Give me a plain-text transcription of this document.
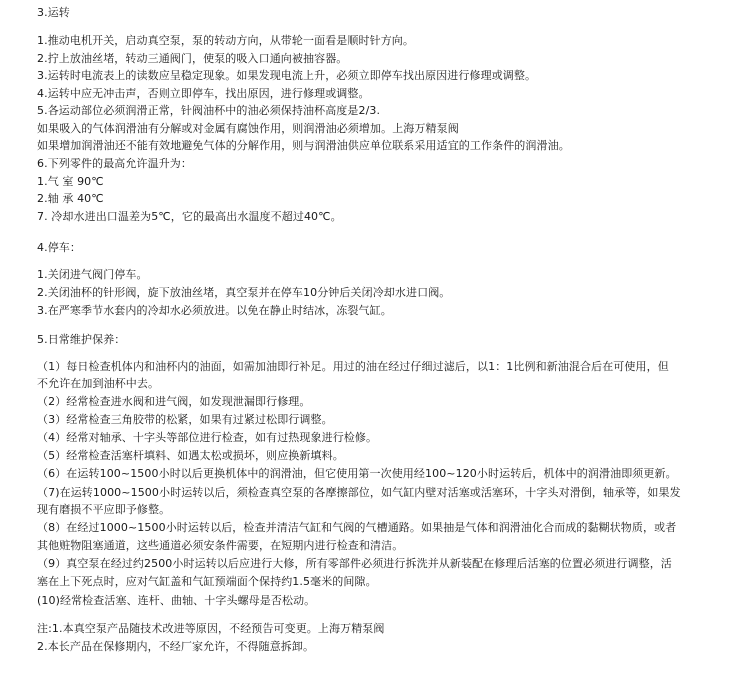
3.运转
1.推动电机开关，启动真空泵，泵的转动方向，从带轮一面看是顺时针方向。
2.拧上放油丝堵，转动三通阀门，使泵的吸入口通向被抽容器。
3.运转时电流表上的读数应呈稳定现象。如果发现电流上升，必须立即停车找出原因进行修理或调整。
4.运转中应无冲击声，否则立即停车，找出原因，进行修理或调整。
5.各运动部位必须润滑正常，针阀油杯中的油必须保持油杯高度是2/3.
如果吸入的气体润滑油有分解或对金属有腐蚀作用，则润滑油必须增加。上海万精泵阀
如果增加润滑油还不能有效地避免气体的分解作用，则与润滑油供应单位联系采用适宜的工作条件的润滑油。
6.下列零件的最高允许温升为：
1.气 室 90℃
2.轴 承 40℃
7. 冷却水进出口温差为5℃，它的最高出水温度不超过40℃。
4.停车：
1.关闭进气阀门停车。
2.关闭油杯的针形阀，旋下放油丝堵，真空泵并在停车10分钟后关闭冷却水进口阀。
3.在严寒季节水套内的冷却水必须放进。以免在静止时结冰，冻裂气缸。
5.日常维护保养：
（1）每日检查机体内和油杯内的油面，如需加油即行补足。用过的油在经过仔细过滤后，以1：1比例和新油混合后在可使用，但
不允许在加到油杯中去。
（2）经常检查进水阀和进气阀，如发现泄漏即行修理。
（3）经常检查三角胶带的松紧，如果有过紧过松即行调整。
（4）经常对轴承、十字头等部位进行检查，如有过热现象进行检修。
（5）经常检查活塞杆填料、如遇太松或损坏，则应换新填料。
（6）在运转100~1500小时以后更换机体中的润滑油，但它使用第一次使用经100~120小时运转后，机体中的润滑油即须更新。
（7)在运转1000~1500小时运转以后，须检查真空泵的各摩擦部位，如气缸内壁对活塞或活塞环，十字头对滑倒，轴承等，如果发
现有磨损不平应即予修整。
（8）在经过1000~1500小时运转以后，检查并清洁气缸和气阀的气槽通路。如果抽是气体和润滑油化合而成的黏糊状物质，或者
其他赃物阻塞通道，这些通道必须安条件需要，在短期内进行检查和清洁。
（9）真空泵在经过约2500小时运转以后应进行大修，所有零部件必须进行拆洗并从新装配在修理后活塞的位置必须进行调整，活
塞在上下死点时，应对气缸盖和气缸预端面个保持约1.5毫米的间隙。
(10)经常检查活塞、连杆、曲轴、十字头螺母是否松动。
注:1.本真空泵产品随技术改进等原因，不经预告可变更。上海万精泵阀
2.本长产品在保修期内，不经厂家允许，不得随意拆卸。
